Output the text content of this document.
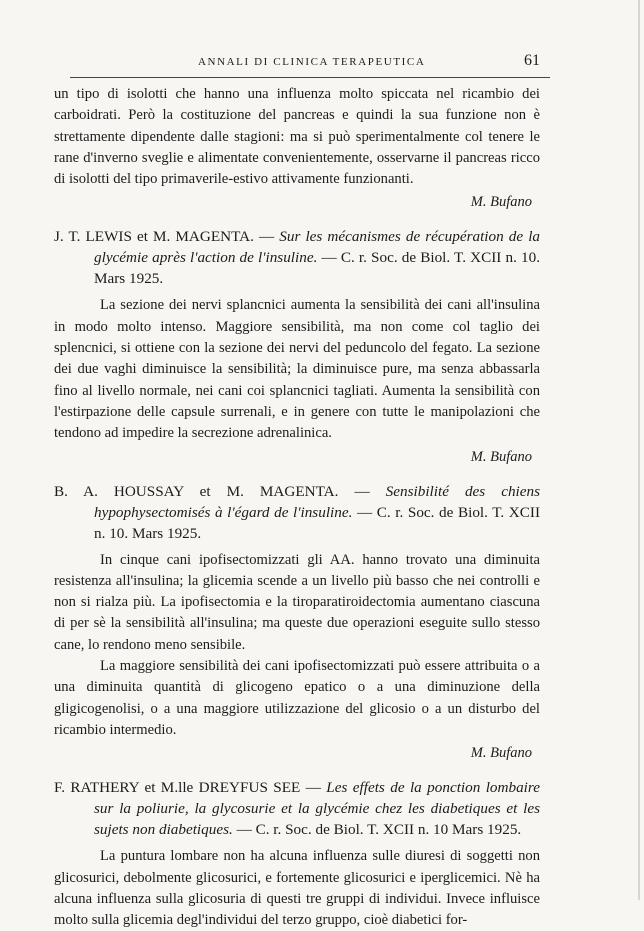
ANNALI DI CLINICA TERAPEUTICA	61

un tipo di isolotti che hanno una influenza molto spiccata nel ricambio dei carboidrati. Però la costituzione del pancreas e quindi la sua funzione non è strettamente dipendente dalle stagioni: ma si può sperimentalmente col tenere le rane d'inverno sveglie e alimentate convenientemente, osservarne il pancreas ricco di isolotti del tipo primaverile-estivo attivamente funzionanti.

M. Bufano
J. T. LEWIS et M. MAGENTA. — Sur les mécanismes de récupération de la glycémie après l'action de l'insuline. — C. r. Soc. de Biol. T. XCII n. 10. Mars 1925.

La sezione dei nervi splancnici aumenta la sensibilità dei cani all'insulina in modo molto intenso. Maggiore sensibilità, ma non come col taglio dei splencnici, si ottiene con la sezione dei nervi del peduncolo del fegato. La sezione dei due vaghi diminuisce la sensibilità; la diminuisce pure, ma senza abbassarla fino al livello normale, nei cani coi splancnici tagliati. Aumenta la sensibilità con l'estirpazione delle capsule surrenali, e in genere con tutte le manipolazioni che tendono ad impedire la secrezione adrenalinica.

M. Bufano
B. A. HOUSSAY et M. MAGENTA. — Sensibilité des chiens hypophysectomisés à l'égard de l'insuline. — C. r. Soc. de Biol. T. XCII n. 10. Mars 1925.

In cinque cani ipofisectomizzati gli AA. hanno trovato una diminuita resistenza all'insulina; la glicemia scende a un livello più basso che nei controlli e non si rialza più. La ipofisectomia e la tiroparatiroidectomia aumentano ciascuna di per sè la sensibilità all'insulina; ma queste due operazioni eseguite sullo stesso cane, lo rendono meno sensibile.

La maggiore sensibilità dei cani ipofisectomizzati può essere attribuita o a una diminuita quantità di glicogeno epatico o a una diminuzione della gligicogenolisi, o a una maggiore utilizzazione del glicosio o a un disturbo del ricambio intermedio.

M. Bufano
F. RATHERY et M.lle DREYFUS SEE — Les effets de la ponction lombaire sur la poliurie, la glycosurie et la glycémie chez les diabetiques et les sujets non diabetiques. — C. r. Soc. de Biol. T. XCII n. 10 Mars 1925.

La puntura lombare non ha alcuna influenza sulle diuresi di soggetti non glicosurici, debolmente glicosurici, e fortemente glicosurici e iperglicemici. Nè ha alcuna influenza sulla glicosuria di questi tre gruppi di individui. Invece influisce molto sulla glicemia degl'individui del terzo gruppo, cioè diabetici for-
